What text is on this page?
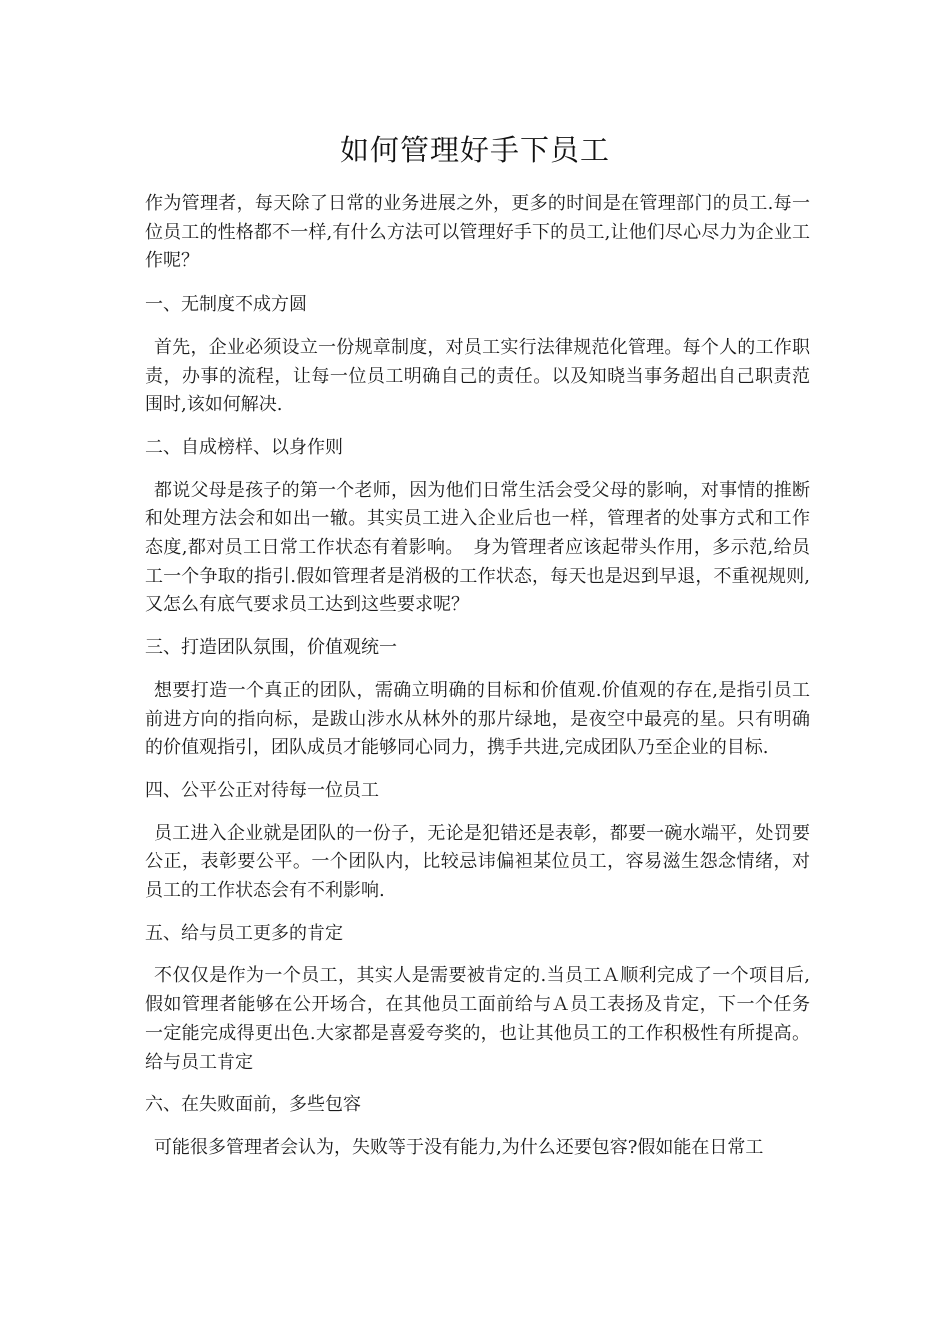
如何管理好手下员工

作为管理者，每天除了日常的业务进展之外，更多的时间是在管理部门的员工.每一位员工的性格都不一样,有什么方法可以管理好手下的员工,让他们尽心尽力为企业工作呢？

一、无制度不成方圆

首先，企业必须设立一份规章制度，对员工实行法律规范化管理。每个人的工作职责，办事的流程，让每一位员工明确自己的责任。以及知晓当事务超出自己职责范围时,该如何解决.

二、自成榜样、以身作则

都说父母是孩子的第一个老师，因为他们日常生活会受父母的影响，对事情的推断和处理方法会和如出一辙。其实员工进入企业后也一样，管理者的处事方式和工作态度,都对员工日常工作状态有着影响。　身为管理者应该起带头作用，多示范,给员工一个争取的指引.假如管理者是消极的工作状态，每天也是迟到早退，不重视规则,又怎么有底气要求员工达到这些要求呢？

三、打造团队氛围，价值观统一

想要打造一个真正的团队，需确立明确的目标和价值观.价值观的存在,是指引员工前进方向的指向标，是跋山涉水从林外的那片绿地，是夜空中最亮的星。只有明确的价值观指引，团队成员才能够同心同力，携手共进,完成团队乃至企业的目标.

四、公平公正对待每一位员工

员工进入企业就是团队的一份子，无论是犯错还是表彰，都要一碗水端平，处罚要公正，表彰要公平。一个团队内，比较忌讳偏袒某位员工，容易滋生怨念情绪，对员工的工作状态会有不利影响.

五、给与员工更多的肯定

不仅仅是作为一个员工，其实人是需要被肯定的.当员工Ａ顺利完成了一个项目后,假如管理者能够在公开场合，在其他员工面前给与Ａ员工表扬及肯定，下一个任务一定能完成得更出色.大家都是喜爱夸奖的，也让其他员工的工作积极性有所提高。 给与员工肯定

六、在失败面前，多些包容

可能很多管理者会认为，失败等于没有能力,为什么还要包容?假如能在日常工
